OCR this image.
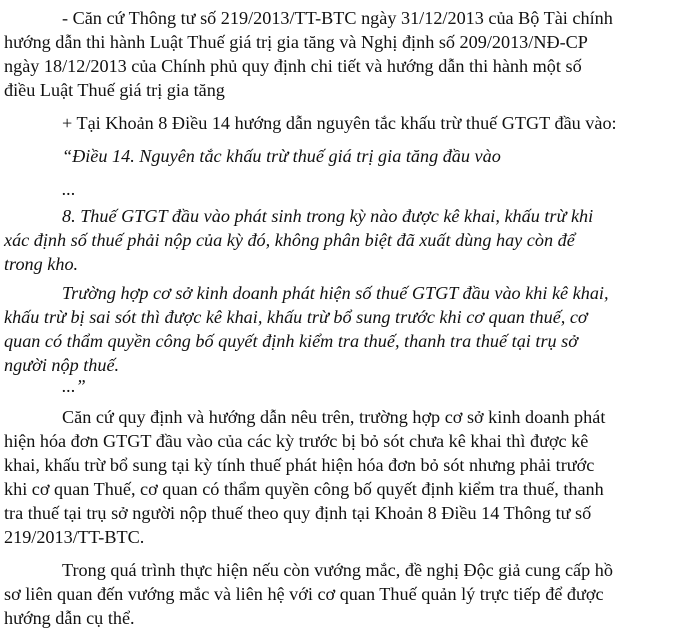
- Căn cứ Thông tư số 219/2013/TT-BTC ngày 31/12/2013 của Bộ Tài chính
hướng dẫn thi hành Luật Thuế giá trị gia tăng và Nghị định số 209/2013/NĐ-CP
ngày 18/12/2013 của Chính phủ quy định chi tiết và hướng dẫn thi hành một số
điều Luật Thuế giá trị gia tăng
+ Tại Khoản 8 Điều 14 hướng dẫn nguyên tắc khấu trừ thuế GTGT đầu vào:
“Điều 14. Nguyên tắc khấu trừ thuế giá trị gia tăng đầu vào
...
8. Thuế GTGT đầu vào phát sinh trong kỳ nào được kê khai, khấu trừ khi
xác định số thuế phải nộp của kỳ đó, không phân biệt đã xuất dùng hay còn để
trong kho.
Trường hợp cơ sở kinh doanh phát hiện số thuế GTGT đầu vào khi kê khai,
khấu trừ bị sai sót thì được kê khai, khấu trừ bổ sung trước khi cơ quan thuế, cơ
quan có thẩm quyền công bố quyết định kiểm tra thuế, thanh tra thuế tại trụ sở
người nộp thuế.
...”
Căn cứ quy định và hướng dẫn nêu trên, trường hợp cơ sở kinh doanh phát
hiện hóa đơn GTGT đầu vào của các kỳ trước bị bỏ sót chưa kê khai thì được kê
khai, khấu trừ bổ sung tại kỳ tính thuế phát hiện hóa đơn bỏ sót nhưng phải trước
khi cơ quan Thuế, cơ quan có thẩm quyền công bố quyết định kiểm tra thuế, thanh
tra thuế tại trụ sở người nộp thuế theo quy định tại Khoản 8 Điều 14 Thông tư số
219/2013/TT-BTC.
Trong quá trình thực hiện nếu còn vướng mắc, đề nghị Độc giả cung cấp hồ
sơ liên quan đến vướng mắc và liên hệ với cơ quan Thuế quản lý trực tiếp để được
hướng dẫn cụ thể.
